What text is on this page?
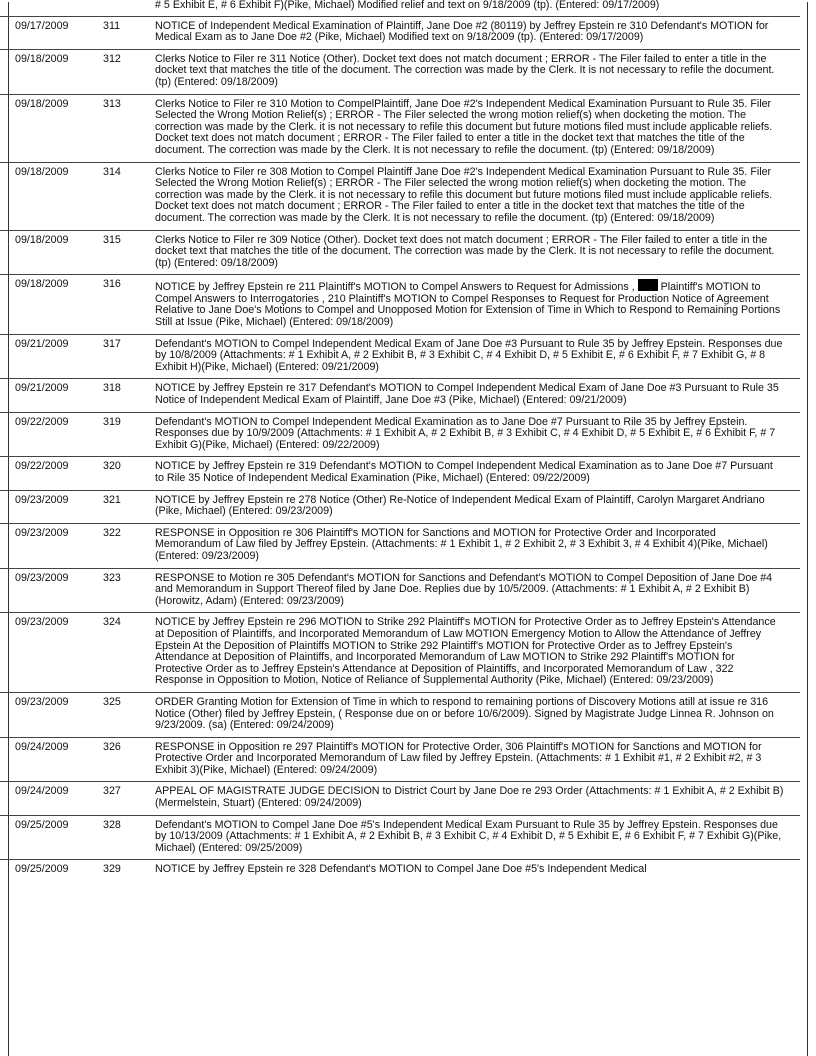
		# 5 Exhibit E, # 6 Exhibit F)(Pike, Michael) Modified relief and text on 9/18/2009 (tp). (Entered: 09/17/2009)
09/17/2009	311	NOTICE of Independent Medical Examination of Plaintiff, Jane Doe #2 (80119) by Jeffrey Epstein re 310 Defendant's MOTION for Medical Exam as to Jane Doe #2 (Pike, Michael) Modified text on 9/18/2009 (tp). (Entered: 09/17/2009)
09/18/2009	312	Clerks Notice to Filer re 311 Notice (Other). Docket text does not match document ; ERROR - The Filer failed to enter a title in the docket text that matches the title of the document. The correction was made by the Clerk. It is not necessary to refile the document. (tp) (Entered: 09/18/2009)
09/18/2009	313	Clerks Notice to Filer re 310 Motion to CompelPlaintiff, Jane Doe #2's Independent Medical Examination Pursuant to Rule 35. Filer Selected the Wrong Motion Relief(s) ; ERROR - The Filer selected the wrong motion relief(s) when docketing the motion. The correction was made by the Clerk. it is not necessary to refile this document but future motions filed must include applicable reliefs. Docket text does not match document ; ERROR - The Filer failed to enter a title in the docket text that matches the title of the document. The correction was made by the Clerk. It is not necessary to refile the document. (tp) (Entered: 09/18/2009)
09/18/2009	314	Clerks Notice to Filer re 308 Motion to Compel Plaintiff Jane Doe #2's Independent Medical Examination Pursuant to Rule 35. Filer Selected the Wrong Motion Relief(s) ; ERROR - The Filer selected the wrong motion relief(s) when docketing the motion. The correction was made by the Clerk. it is not necessary to refile this document but future motions filed must include applicable reliefs. Docket text does not match document ; ERROR - The Filer failed to enter a title in the docket text that matches the title of the document. The correction was made by the Clerk. It is not necessary to refile the document. (tp) (Entered: 09/18/2009)
09/18/2009	315	Clerks Notice to Filer re 309 Notice (Other). Docket text does not match document ; ERROR - The Filer failed to enter a title in the docket text that matches the title of the document. The correction was made by the Clerk. It is not necessary to refile the document. (tp) (Entered: 09/18/2009)
09/18/2009	316	NOTICE by Jeffrey Epstein re 211 Plaintiff's MOTION to Compel Answers to Request for Admissions , Plaintiff's MOTION to Compel Answers to Interrogatories , 210 Plaintiff's MOTION to Compel Responses to Request for Production Notice of Agreement Relative to Jane Doe's Motions to Compel and Unopposed Motion for Extension of Time in Which to Respond to Remaining Portions Still at Issue (Pike, Michael) (Entered: 09/18/2009)
09/21/2009	317	Defendant's MOTION to Compel Independent Medical Exam of Jane Doe #3 Pursuant to Rule 35 by Jeffrey Epstein. Responses due by 10/8/2009 (Attachments: # 1 Exhibit A, # 2 Exhibit B, # 3 Exhibit C, # 4 Exhibit D, # 5 Exhibit E, # 6 Exhibit F, # 7 Exhibit G, # 8 Exhibit H)(Pike, Michael) (Entered: 09/21/2009)
09/21/2009	318	NOTICE by Jeffrey Epstein re 317 Defendant's MOTION to Compel Independent Medical Exam of Jane Doe #3 Pursuant to Rule 35 Notice of Independent Medical Exam of Plaintiff, Jane Doe #3 (Pike, Michael) (Entered: 09/21/2009)
09/22/2009	319	Defendant's MOTION to Compel Independent Medical Examination as to Jane Doe #7 Pursuant to Rile 35 by Jeffrey Epstein. Responses due by 10/9/2009 (Attachments: # 1 Exhibit A, # 2 Exhibit B, # 3 Exhibit C, # 4 Exhibit D, # 5 Exhibit E, # 6 Exhibit F, # 7 Exhibit G)(Pike, Michael) (Entered: 09/22/2009)
09/22/2009	320	NOTICE by Jeffrey Epstein re 319 Defendant's MOTION to Compel Independent Medical Examination as to Jane Doe #7 Pursuant to Rile 35 Notice of Independent Medical Examination (Pike, Michael) (Entered: 09/22/2009)
09/23/2009	321	NOTICE by Jeffrey Epstein re 278 Notice (Other) Re-Notice of Independent Medical Exam of Plaintiff, Carolyn Margaret Andriano (Pike, Michael) (Entered: 09/23/2009)
09/23/2009	322	RESPONSE in Opposition re 306 Plaintiff's MOTION for Sanctions and MOTION for Protective Order and Incorporated Memorandum of Law filed by Jeffrey Epstein. (Attachments: # 1 Exhibit 1, # 2 Exhibit 2, # 3 Exhibit 3, # 4 Exhibit 4)(Pike, Michael) (Entered: 09/23/2009)
09/23/2009	323	RESPONSE to Motion re 305 Defendant's MOTION for Sanctions and Defendant's MOTION to Compel Deposition of Jane Doe #4 and Memorandum in Support Thereof filed by Jane Doe. Replies due by 10/5/2009. (Attachments: # 1 Exhibit A, # 2 Exhibit B)(Horowitz, Adam) (Entered: 09/23/2009)
09/23/2009	324	NOTICE by Jeffrey Epstein re 296 MOTION to Strike 292 Plaintiff's MOTION for Protective Order as to Jeffrey Epstein's Attendance at Deposition of Plaintiffs, and Incorporated Memorandum of Law MOTION Emergency Motion to Allow the Attendance of Jeffrey Epstein At the Deposition of Plaintiffs MOTION to Strike 292 Plaintiff's MOTION for Protective Order as to Jeffrey Epstein's Attendance at Deposition of Plaintiffs, and Incorporated Memorandum of Law MOTION to Strike 292 Plaintiff's MOTION for Protective Order as to Jeffrey Epstein's Attendance at Deposition of Plaintiffs, and Incorporated Memorandum of Law , 322 Response in Opposition to Motion, Notice of Reliance of Supplemental Authority (Pike, Michael) (Entered: 09/23/2009)
09/23/2009	325	ORDER Granting Motion for Extension of Time in which to respond to remaining portions of Discovery Motions atill at issue re 316 Notice (Other) filed by Jeffrey Epstein, ( Response due on or before 10/6/2009). Signed by Magistrate Judge Linnea R. Johnson on 9/23/2009. (sa) (Entered: 09/24/2009)
09/24/2009	326	RESPONSE in Opposition re 297 Plaintiff's MOTION for Protective Order, 306 Plaintiff's MOTION for Sanctions and MOTION for Protective Order and Incorporated Memorandum of Law filed by Jeffrey Epstein. (Attachments: # 1 Exhibit #1, # 2 Exhibit #2, # 3 Exhibit 3)(Pike, Michael) (Entered: 09/24/2009)
09/24/2009	327	APPEAL OF MAGISTRATE JUDGE DECISION to District Court by Jane Doe re 293 Order (Attachments: # 1 Exhibit A, # 2 Exhibit B)(Mermelstein, Stuart) (Entered: 09/24/2009)
09/25/2009	328	Defendant's MOTION to Compel Jane Doe #5's Independent Medical Exam Pursuant to Rule 35 by Jeffrey Epstein. Responses due by 10/13/2009 (Attachments: # 1 Exhibit A, # 2 Exhibit B, # 3 Exhibit C, # 4 Exhibit D, # 5 Exhibit E, # 6 Exhibit F, # 7 Exhibit G)(Pike, Michael) (Entered: 09/25/2009)
09/25/2009	329	NOTICE by Jeffrey Epstein re 328 Defendant's MOTION to Compel Jane Doe #5's Independent Medical
